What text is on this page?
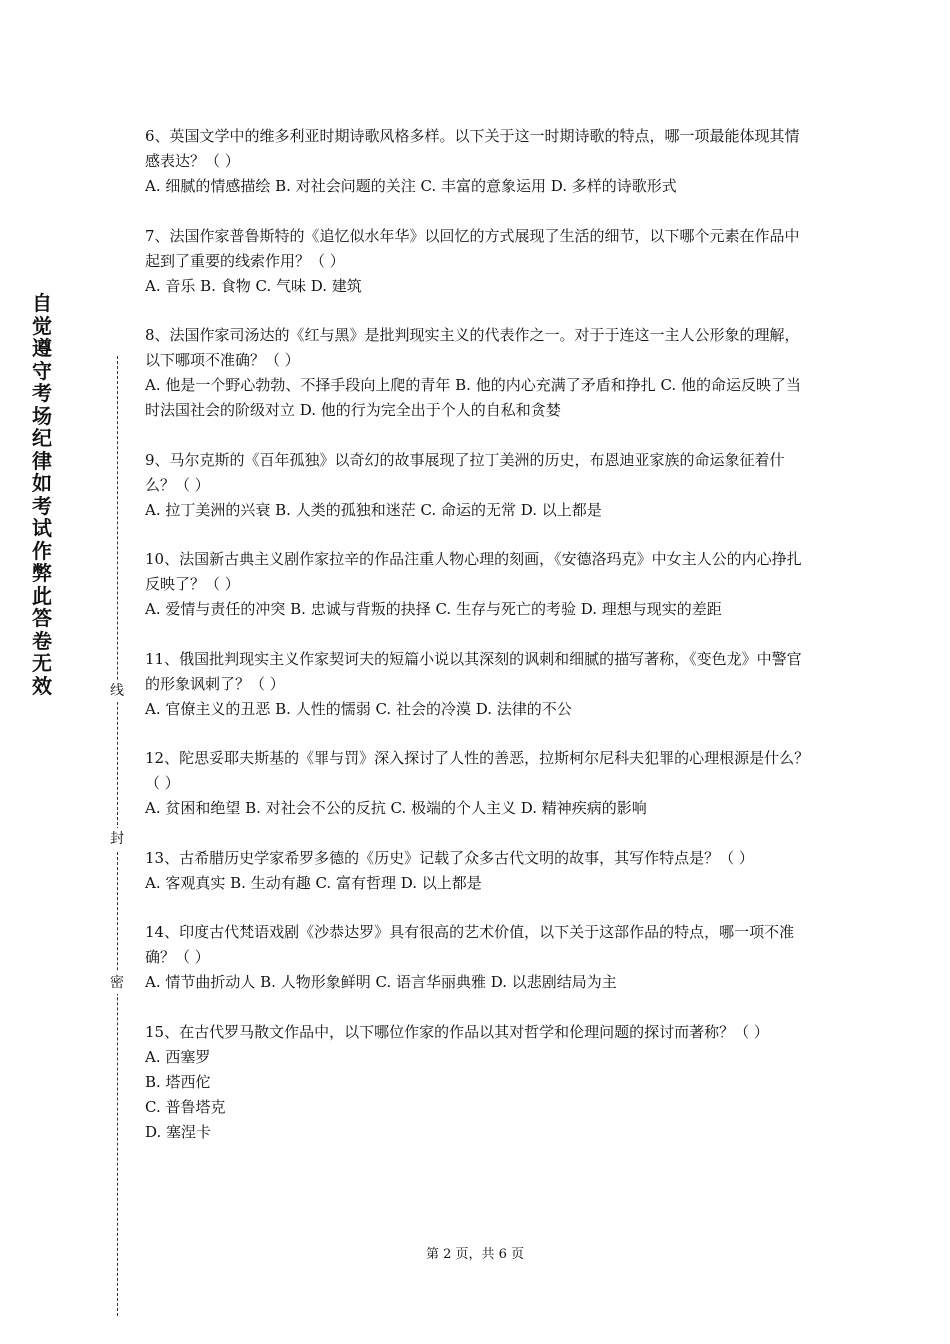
自觉遵守考场纪律如考试作弊此答卷无效	线
封
密
6、英国文学中的维多利亚时期诗歌风格多样。以下关于这一时期诗歌的特点，哪一项最能体现其情感表达？（ ）
A. 细腻的情感描绘 B. 对社会问题的关注 C. 丰富的意象运用 D. 多样的诗歌形式
7、法国作家普鲁斯特的《追忆似水年华》以回忆的方式展现了生活的细节，以下哪个元素在作品中起到了重要的线索作用？（ ）
A. 音乐 B. 食物 C. 气味 D. 建筑
8、法国作家司汤达的《红与黑》是批判现实主义的代表作之一。对于于连这一主人公形象的理解，以下哪项不准确？（ ）
A. 他是一个野心勃勃、不择手段向上爬的青年 B. 他的内心充满了矛盾和挣扎 C. 他的命运反映了当时法国社会的阶级对立 D. 他的行为完全出于个人的自私和贪婪
9、马尔克斯的《百年孤独》以奇幻的故事展现了拉丁美洲的历史，布恩迪亚家族的命运象征着什么？（ ）
A. 拉丁美洲的兴衰 B. 人类的孤独和迷茫 C. 命运的无常 D. 以上都是
10、法国新古典主义剧作家拉辛的作品注重人物心理的刻画，《安德洛玛克》中女主人公的内心挣扎反映了？（ ）
A. 爱情与责任的冲突 B. 忠诚与背叛的抉择 C. 生存与死亡的考验 D. 理想与现实的差距
11、俄国批判现实主义作家契诃夫的短篇小说以其深刻的讽刺和细腻的描写著称，《变色龙》中警官的形象讽刺了？（ ）
A. 官僚主义的丑恶 B. 人性的懦弱 C. 社会的冷漠 D. 法律的不公
12、陀思妥耶夫斯基的《罪与罚》深入探讨了人性的善恶，拉斯柯尔尼科夫犯罪的心理根源是什么？（ ）
A. 贫困和绝望 B. 对社会不公的反抗 C. 极端的个人主义 D. 精神疾病的影响
13、古希腊历史学家希罗多德的《历史》记载了众多古代文明的故事，其写作特点是？（ ）
A. 客观真实 B. 生动有趣 C. 富有哲理 D. 以上都是
14、印度古代梵语戏剧《沙恭达罗》具有很高的艺术价值，以下关于这部作品的特点，哪一项不准确？（ ）
A. 情节曲折动人 B. 人物形象鲜明 C. 语言华丽典雅 D. 以悲剧结局为主
15、在古代罗马散文作品中，以下哪位作家的作品以其对哲学和伦理问题的探讨而著称？（ ）
A. 西塞罗
B. 塔西佗
C. 普鲁塔克
D. 塞涅卡
第 2 页，共 6 页
